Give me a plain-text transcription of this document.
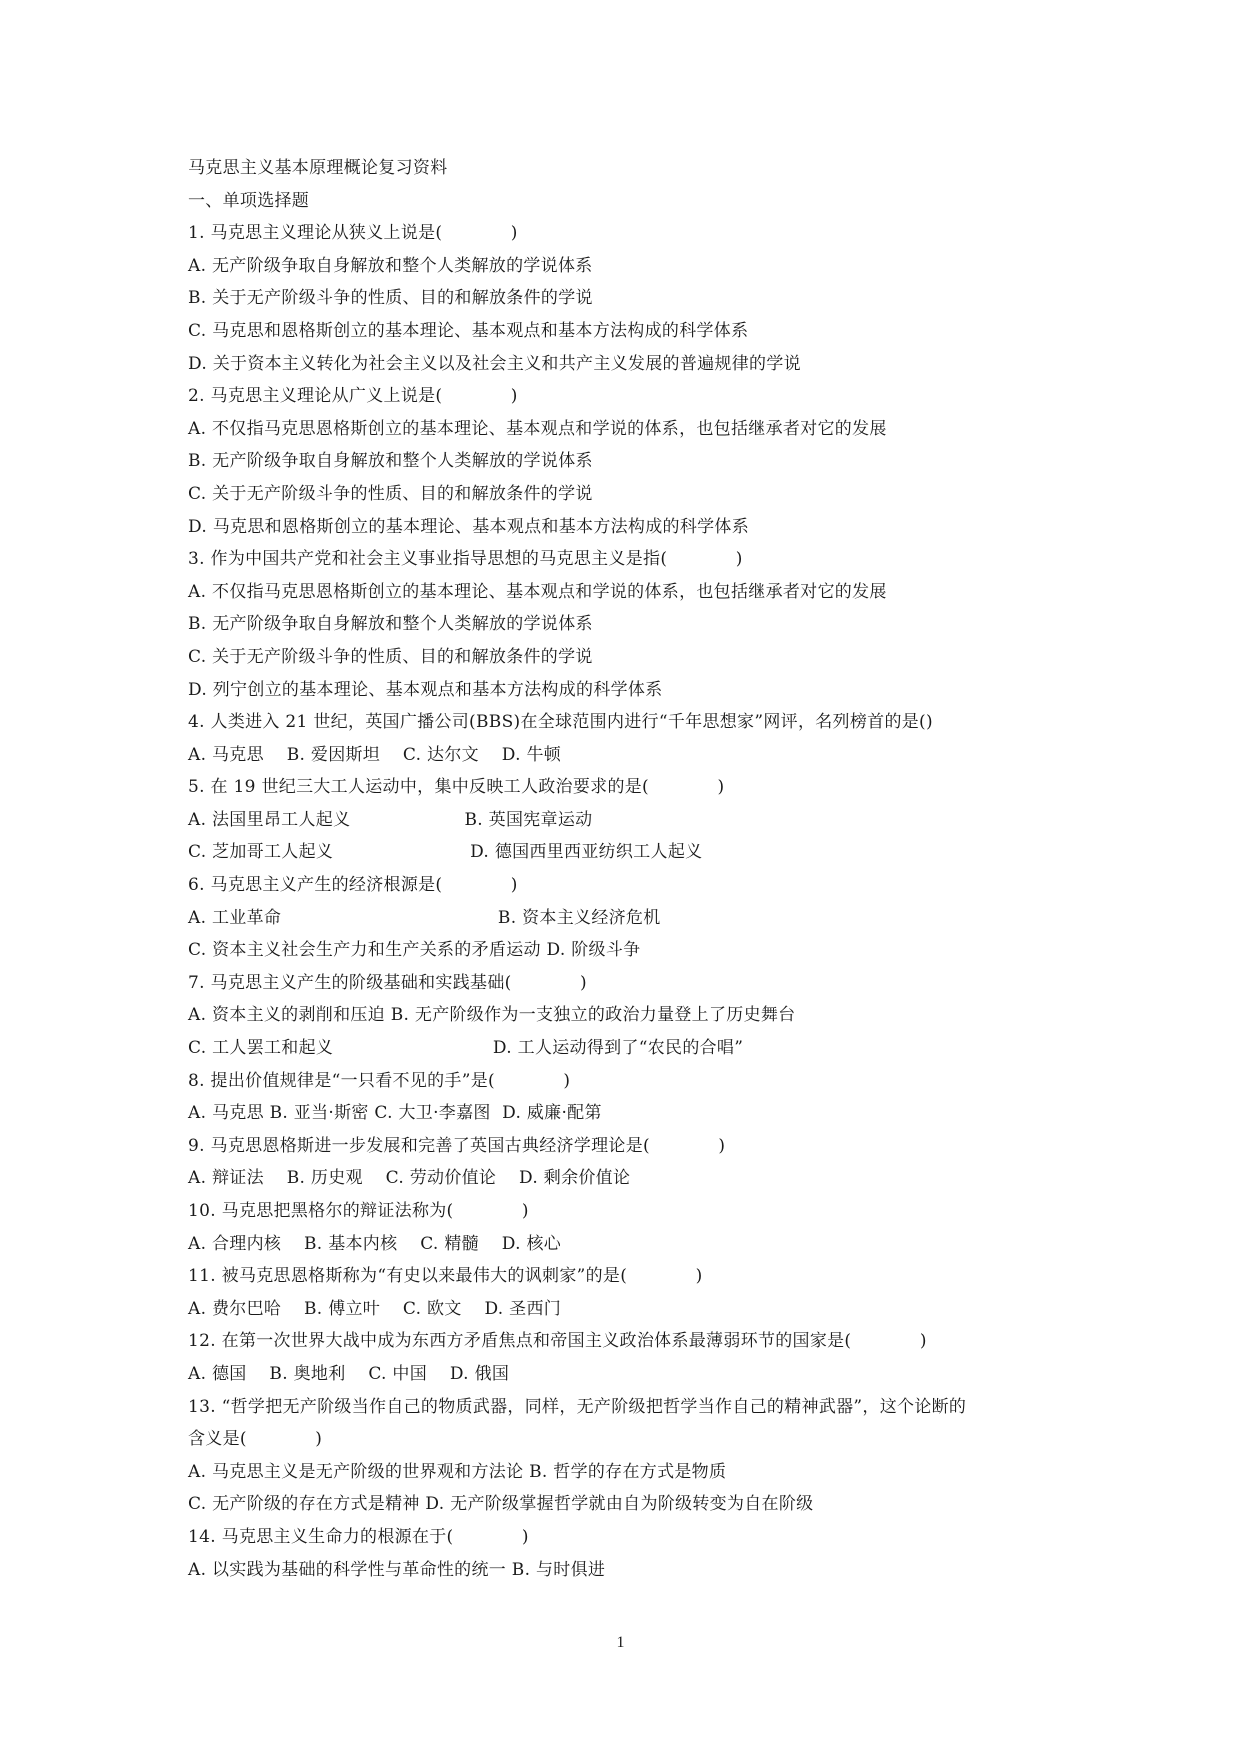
马克思主义基本原理概论复习资料
一、单项选择题
1. 马克思主义理论从狭义上说是(            )
A. 无产阶级争取自身解放和整个人类解放的学说体系
B. 关于无产阶级斗争的性质、目的和解放条件的学说
C. 马克思和恩格斯创立的基本理论、基本观点和基本方法构成的科学体系
D. 关于资本主义转化为社会主义以及社会主义和共产主义发展的普遍规律的学说
2. 马克思主义理论从广义上说是(            )
A. 不仅指马克思恩格斯创立的基本理论、基本观点和学说的体系，也包括继承者对它的发展
B. 无产阶级争取自身解放和整个人类解放的学说体系
C. 关于无产阶级斗争的性质、目的和解放条件的学说
D. 马克思和恩格斯创立的基本理论、基本观点和基本方法构成的科学体系
3. 作为中国共产党和社会主义事业指导思想的马克思主义是指(            )
A. 不仅指马克思恩格斯创立的基本理论、基本观点和学说的体系，也包括继承者对它的发展
B. 无产阶级争取自身解放和整个人类解放的学说体系
C. 关于无产阶级斗争的性质、目的和解放条件的学说
D. 列宁创立的基本理论、基本观点和基本方法构成的科学体系
4. 人类进入 21 世纪，英国广播公司(BBS)在全球范围内进行“千年思想家”网评，名列榜首的是()
A. 马克思    B. 爱因斯坦    C. 达尔文    D. 牛顿
5. 在 19 世纪三大工人运动中，集中反映工人政治要求的是(            )
A. 法国里昂工人起义                    B. 英国宪章运动
C. 芝加哥工人起义                        D. 德国西里西亚纺织工人起义
6. 马克思主义产生的经济根源是(            )
A. 工业革命                                      B. 资本主义经济危机
C. 资本主义社会生产力和生产关系的矛盾运动 D. 阶级斗争
7. 马克思主义产生的阶级基础和实践基础(            )
A. 资本主义的剥削和压迫 B. 无产阶级作为一支独立的政治力量登上了历史舞台
C. 工人罢工和起义                            D. 工人运动得到了“农民的合唱”
8. 提出价值规律是“一只看不见的手”是(            )
A. 马克思 B. 亚当·斯密 C. 大卫·李嘉图  D. 威廉·配第
9. 马克思恩格斯进一步发展和完善了英国古典经济学理论是(            )
A. 辩证法    B. 历史观    C. 劳动价值论    D. 剩余价值论
10. 马克思把黑格尔的辩证法称为(            )
A. 合理内核    B. 基本内核    C. 精髓    D. 核心
11. 被马克思恩格斯称为“有史以来最伟大的讽刺家”的是(            )
A. 费尔巴哈    B. 傅立叶    C. 欧文    D. 圣西门
12. 在第一次世界大战中成为东西方矛盾焦点和帝国主义政治体系最薄弱环节的国家是(            )
A. 德国    B. 奥地利    C. 中国    D. 俄国
13. “哲学把无产阶级当作自己的物质武器，同样，无产阶级把哲学当作自己的精神武器”，这个论断的
含义是(            )
A. 马克思主义是无产阶级的世界观和方法论 B. 哲学的存在方式是物质
C. 无产阶级的存在方式是精神 D. 无产阶级掌握哲学就由自为阶级转变为自在阶级
14. 马克思主义生命力的根源在于(            )
A. 以实践为基础的科学性与革命性的统一 B. 与时俱进
1
